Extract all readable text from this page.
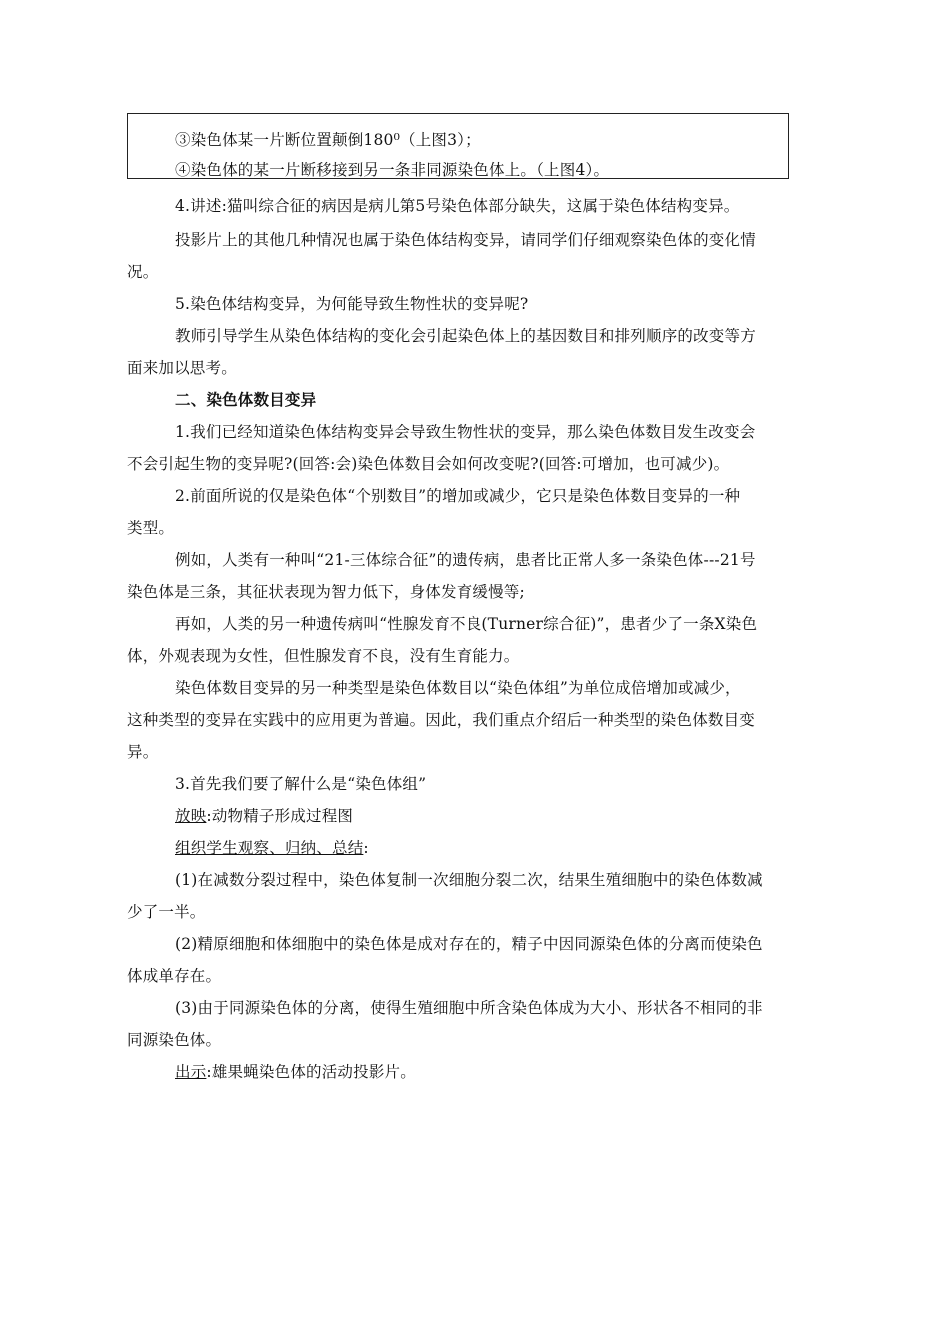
③染色体某一片断位置颠倒180⁰（上图3）；
④染色体的某一片断移接到另一条非同源染色体上。（上图4）。
4.讲述:猫叫综合征的病因是病儿第5号染色体部分缺失，这属于染色体结构变异。
投影片上的其他几种情况也属于染色体结构变异，请同学们仔细观察染色体的变化情
况。
5.染色体结构变异，为何能导致生物性状的变异呢?
教师引导学生从染色体结构的变化会引起染色体上的基因数目和排列顺序的改变等方
面来加以思考。
二、染色体数目变异
1.我们已经知道染色体结构变异会导致生物性状的变异，那么染色体数目发生改变会
不会引起生物的变异呢?(回答:会)染色体数目会如何改变呢?(回答:可增加，也可减少)。
2.前面所说的仅是染色体“个别数目”的增加或减少，它只是染色体数目变异的一种
类型。
例如，人类有一种叫“21-三体综合征”的遗传病，患者比正常人多一条染色体---21号
染色体是三条，其征状表现为智力低下，身体发育缓慢等;
再如，人类的另一种遗传病叫“性腺发育不良(Turner综合征)”，患者少了一条X染色
体，外观表现为女性，但性腺发育不良，没有生育能力。
染色体数目变异的另一种类型是染色体数目以“染色体组”为单位成倍增加或减少，
这种类型的变异在实践中的应用更为普遍。因此，我们重点介绍后一种类型的染色体数目变
异。
3.首先我们要了解什么是“染色体组”
放映:动物精子形成过程图
组织学生观察、归纳、总结:
(1)在减数分裂过程中，染色体复制一次细胞分裂二次，结果生殖细胞中的染色体数减
少了一半。
(2)精原细胞和体细胞中的染色体是成对存在的，精子中因同源染色体的分离而使染色
体成单存在。
(3)由于同源染色体的分离，使得生殖细胞中所含染色体成为大小、形状各不相同的非
同源染色体。
出示:雄果蝇染色体的活动投影片。
